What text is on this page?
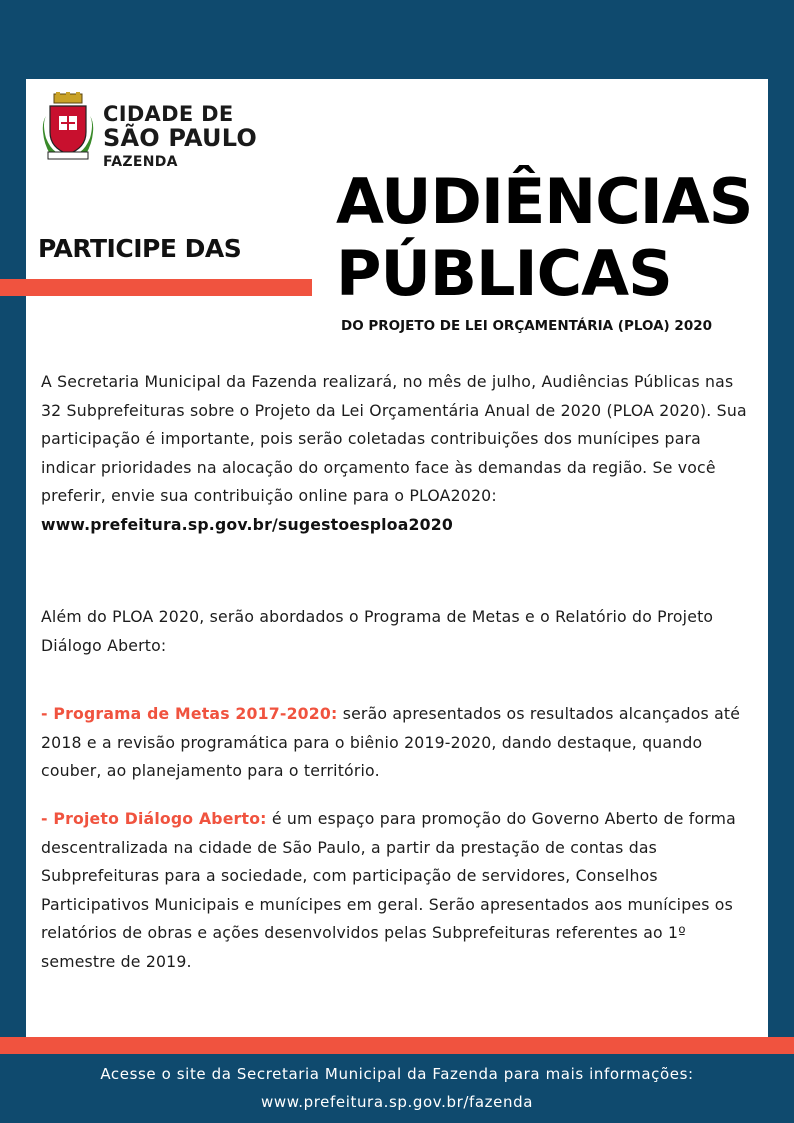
CIDADE DE
SÃO PAULO
FAZENDA
PARTICIPE DAS
AUDIÊNCIAS
PÚBLICAS
DO PROJETO DE LEI ORÇAMENTÁRIA (PLOA) 2020
A Secretaria Municipal da Fazenda realizará, no mês de julho, Audiências Públicas nas 32 Subprefeituras sobre o Projeto da Lei Orçamentária Anual de 2020 (PLOA 2020). Sua participação é importante, pois serão coletadas contribuições dos munícipes para indicar prioridades na alocação do orçamento face às demandas da região. Se você preferir, envie sua contribuição online para o PLOA2020:
www.prefeitura.sp.gov.br/sugestoesploa2020
Além do PLOA 2020, serão abordados o Programa de Metas e o Relatório do Projeto Diálogo Aberto:
- Programa de Metas 2017-2020: serão apresentados os resultados alcançados até 2018 e a revisão programática para o biênio 2019-2020, dando destaque, quando couber, ao planejamento para o território.
- Projeto Diálogo Aberto: é um espaço para promoção do Governo Aberto de forma descentralizada na cidade de São Paulo, a partir da prestação de contas das Subprefeituras para a sociedade, com participação de servidores, Conselhos Participativos Municipais e munícipes em geral. Serão apresentados aos munícipes os relatórios de obras e ações desenvolvidos pelas Subprefeituras referentes ao 1º semestre de 2019.
Acesse o site da Secretaria Municipal da Fazenda para mais informações:
www.prefeitura.sp.gov.br/fazenda
